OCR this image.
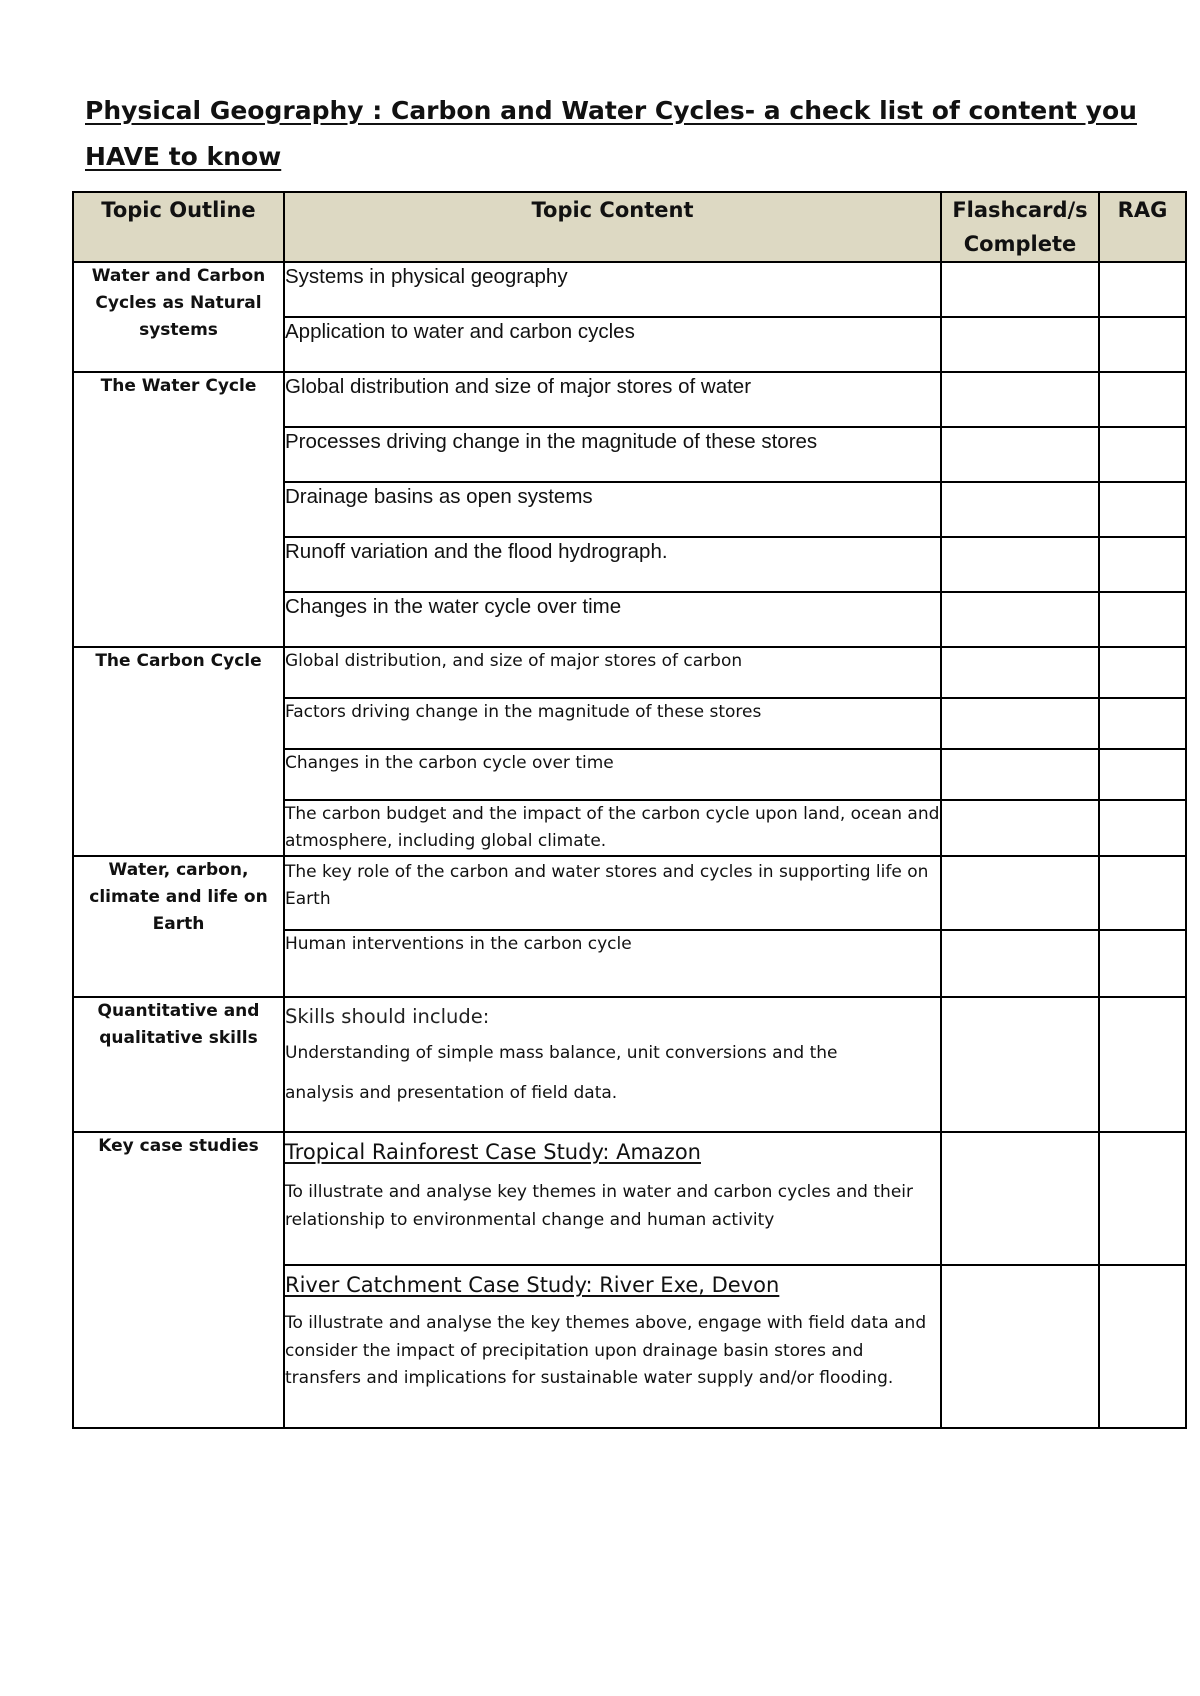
Physical Geography : Carbon and Water Cycles- a check list of content you HAVE to know
Topic Outline	Topic Content	Flashcard/s Complete	RAG
Water and Carbon Cycles as Natural systems	Systems in physical geography		
	Application to water and carbon cycles		
The Water Cycle	Global distribution and size of major stores of water		
	Processes driving change in the magnitude of these stores		
	Drainage basins as open systems		
	Runoff variation and the flood hydrograph.		
	Changes in the water cycle over time		
The Carbon Cycle	Global distribution, and size of major stores of carbon		
	Factors driving change in the magnitude of these stores		
	Changes in the carbon cycle over time		
	The carbon budget and the impact of the carbon cycle upon land, ocean and atmosphere, including global climate.		
Water, carbon, climate and life on Earth	The key role of the carbon and water stores and cycles in supporting life on Earth		
	Human interventions in the carbon cycle		
Quantitative and qualitative skills	Skills should include:
Understanding of simple mass balance, unit conversions and the
analysis and presentation of field data.		

Key case studies	Tropical Rainforest Case Study: Amazon
To illustrate and analyse key themes in water and carbon cycles and their relationship to environmental change and human activity		

	River Catchment Case Study: River Exe, Devon
To illustrate and analyse the key themes above, engage with field data and consider the impact of precipitation upon drainage basin stores and transfers and implications for sustainable water supply and/or flooding.		
